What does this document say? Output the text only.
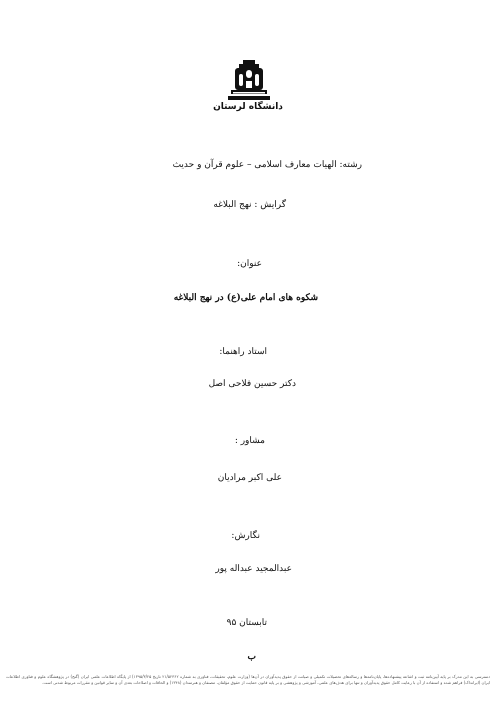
دانشگاه لرستان
رشته: الهیات معارف اسلامی – علوم قرآن و حدیث
گرایش : نهج البلاغه
عنوان:
شکوه های امام علی(ع) در نهج البلاغه
استاد راهنما:
دکتر حسین فلاحی اصل
مشاور :
علی اکبر مرادیان
نگارش:
عبدالمجید عبداله پور
تابستان ۹۵
ب
دسترسی به این مدرک بر پایه آیین‌نامه ثبت و اشاعه پیشنهاده‌ها، پایان‌نامه‌ها و رساله‌های تحصیلات تکمیلی و صیانت از حقوق پدیدآوران در آن‌ها (وزارت علوم، تحقیقات، فناوری به شماره ۲۱/۵۲۳۶۲ تاریخ ۱۳۹۵/۳/۲۵) از پایگاه اطلاعات علمی ایران (گنج) در پژوهشگاه علوم و فناوری اطلاعات ایران (ایرانداک) فراهم شده و استفاده از آن با رعایت کامل حقوق پدیدآوران و تنها برای هدف‌های علمی، آموزشی و پژوهشی و بر پایه قانون حمایت از حقوق مؤلفان، مصنفان و هنرمندان (۱۳۴۸) و الحاقات و اصلاحات بعدی آن و سایر قوانین و مقررات مربوط شدنی است.
